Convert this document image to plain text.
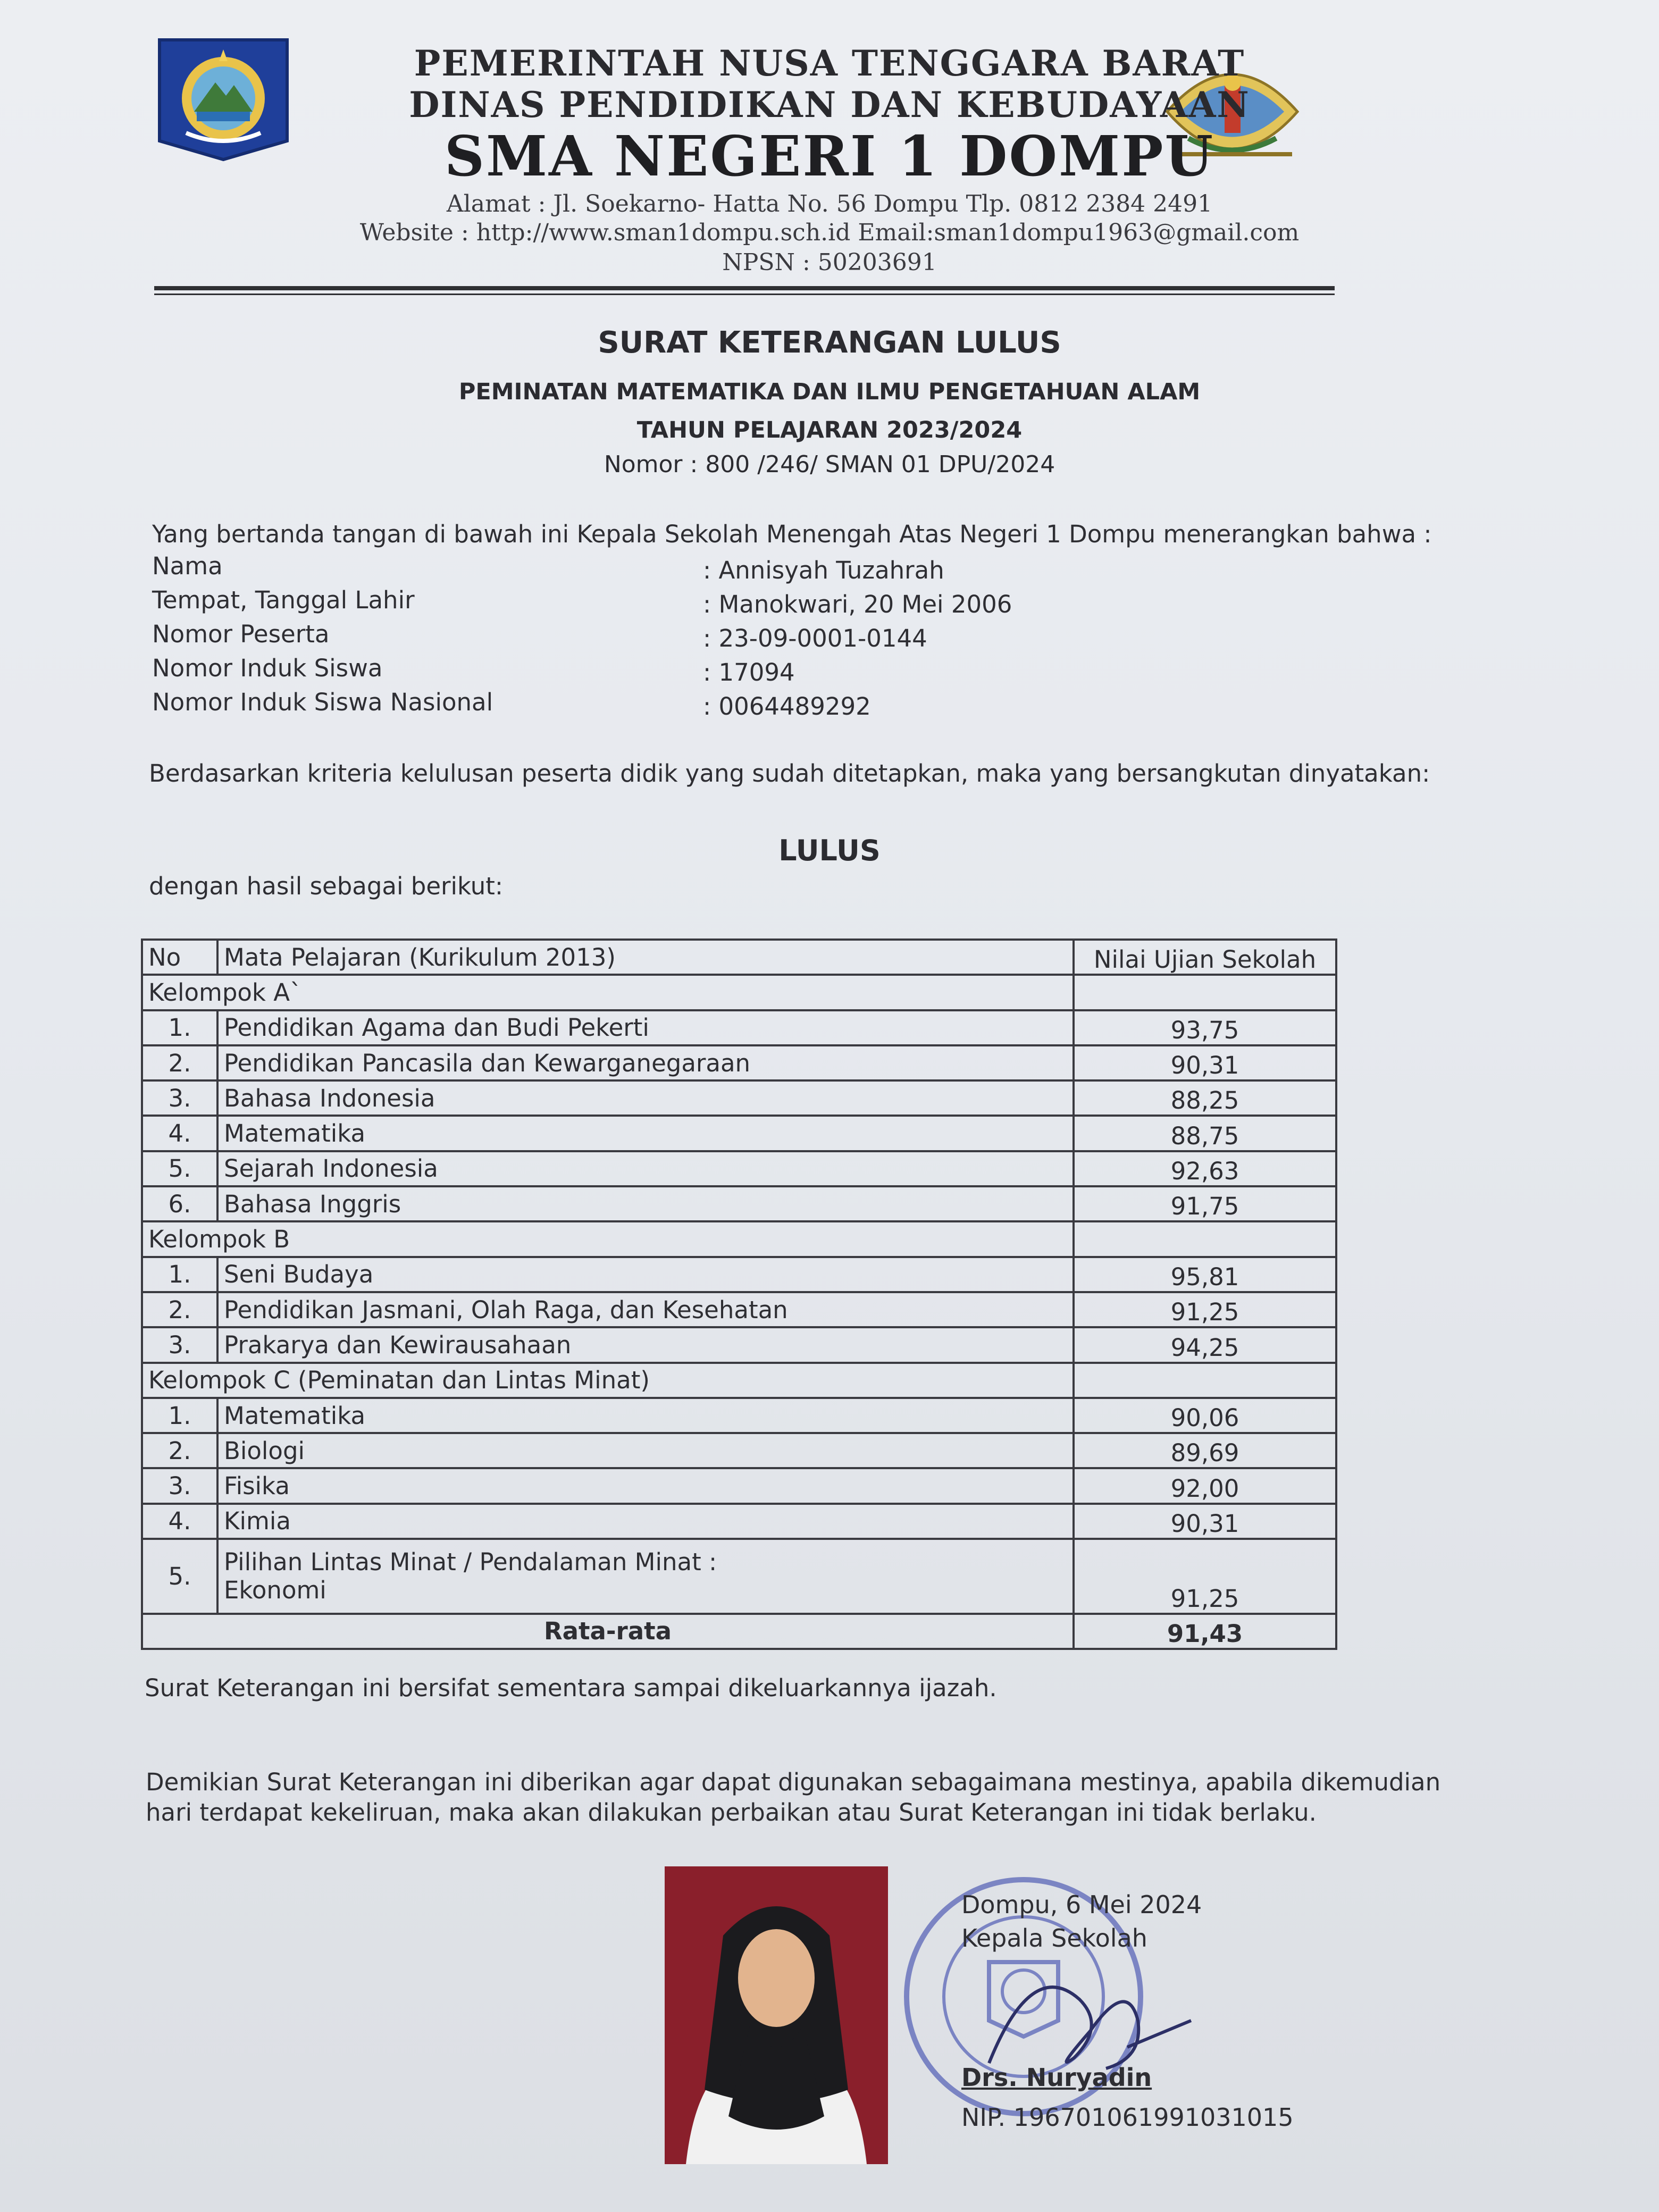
PEMERINTAH NUSA TENGGARA BARAT
DINAS PENDIDIKAN DAN KEBUDAYAAN
SMA NEGERI 1 DOMPU
Alamat : Jl. Soekarno- Hatta No. 56 Dompu Tlp. 0812 2384 2491
Website : http://www.sman1dompu.sch.id Email:sman1dompu1963@gmail.com
NPSN : 50203691
SURAT KETERANGAN LULUS
PEMINATAN MATEMATIKA DAN ILMU PENGETAHUAN ALAM
TAHUN PELAJARAN 2023/2024
Nomor : 800 /246/ SMAN 01 DPU/2024
Yang bertanda tangan di bawah ini Kepala Sekolah Menengah Atas Negeri 1 Dompu menerangkan bahwa :
Nama	: Annisyah Tuzahrah
Tempat, Tanggal Lahir	: Manokwari, 20 Mei 2006
Nomor Peserta	: 23-09-0001-0144
Nomor Induk Siswa	: 17094
Nomor Induk Siswa Nasional	: 0064489292
Berdasarkan kriteria kelulusan peserta didik yang sudah ditetapkan, maka yang bersangkutan dinyatakan:
LULUS
dengan hasil sebagai berikut:
No	Mata Pelajaran (Kurikulum 2013)	Nilai Ujian Sekolah
Kelompok A`		
1.	Pendidikan Agama dan Budi Pekerti	93,75
2.	Pendidikan Pancasila dan Kewarganegaraan	90,31
3.	Bahasa Indonesia	88,25
4.	Matematika	88,75
5.	Sejarah Indonesia	92,63
6.	Bahasa Inggris	91,75
Kelompok B		
1.	Seni Budaya	95,81
2.	Pendidikan Jasmani, Olah Raga, dan Kesehatan	91,25
3.	Prakarya dan Kewirausahaan	94,25
Kelompok C (Peminatan dan Lintas Minat)		
1.	Matematika	90,06
2.	Biologi	89,69
3.	Fisika	92,00
4.	Kimia	90,31
5.	Pilihan Lintas Minat / Pendalaman Minat :
Ekonomi	91,25
Rata-rata		91,43
Surat Keterangan ini bersifat sementara sampai dikeluarkannya ijazah.
Demikian Surat Keterangan ini diberikan agar dapat digunakan sebagaimana mestinya, apabila dikemudian
hari terdapat kekeliruan, maka akan dilakukan perbaikan atau Surat Keterangan ini tidak berlaku.
Dompu, 6 Mei 2024
Kepala Sekolah
Drs. Nuryadin
NIP. 196701061991031015
